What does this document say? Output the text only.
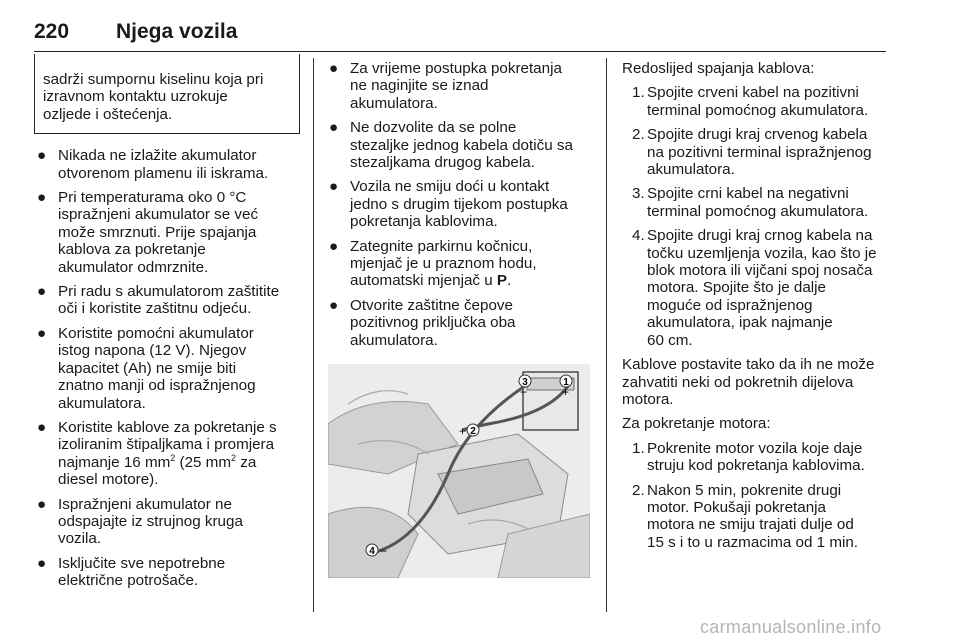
220 Njega vozila
sadrži sumpornu kiselinu koja pri
izravnom kontaktu uzrokuje
ozljede i oštećenja.
● Nikada ne izlažite akumulator
otvorenom plamenu ili iskrama.
● Pri temperaturama oko 0 °C
ispražnjeni akumulator se već
može smrznuti. Prije spajanja
kablova za pokretanje
akumulator odmrznite.
● Pri radu s akumulatorom zaštitite
oči i koristite zaštitnu odjeću.
● Koristite pomoćni akumulator
istog napona (12 V). Njegov
kapacitet (Ah) ne smije biti
znatno manji od ispražnjenog
akumulatora.
● Koristite kablove za pokretanje s
izoliranim štipaljkama i promjera
najmanje 16 $mm^2$ (25 $mm^2$ za
diesel motore).
● Ispražnjeni akumulator ne
odspajajte iz strujnog kruga
vozila.
● Isključite sve nepotrebne
električne potrošače.
● Za vrijeme postupka pokretanja
ne naginjite se iznad
akumulatora.
● Ne dozvolite da se polne
stezaljke jednog kabela dotiču sa
stezaljkama drugog kabela.
● Vozila ne smiju doći u kontakt
jedno s drugim tijekom postupka
pokretanja kablovima.
● Zategnite parkirnu kočnicu,
mjenjač je u praznom hodu,
automatski mjenjač u P.
● Otvorite zaštitne čepove
pozitivnog priključka oba
akumulatora.
3
−
1
+
2
+
4 −

Redoslijed spajanja kablova:

1. Spojite crveni kabel na pozitivni
terminal pomoćnog akumulatora.
2. Spojite drugi kraj crvenog kabela
na pozitivni terminal ispražnjenog
akumulatora.
3. Spojite crni kabel na negativni
terminal pomoćnog akumulatora.
4. Spojite drugi kraj crnog kabela na
točku uzemljenja vozila, kao što je
blok motora ili vijčani spoj nosača
motora. Spojite što je dalje
moguće od ispražnjenog
akumulatora, ipak najmanje
60 cm.

Kablove postavite tako da ih ne može
zahvatiti neki od pokretnih dijelova
motora.

Za pokretanje motora:

1. Pokrenite motor vozila koje daje
struju kod pokretanja kablovima.
2. Nakon 5 min, pokrenite drugi
motor. Pokušaji pokretanja
motora ne smiju trajati dulje od
15 s i to u razmacima od 1 min.
carmanualsonline.info
